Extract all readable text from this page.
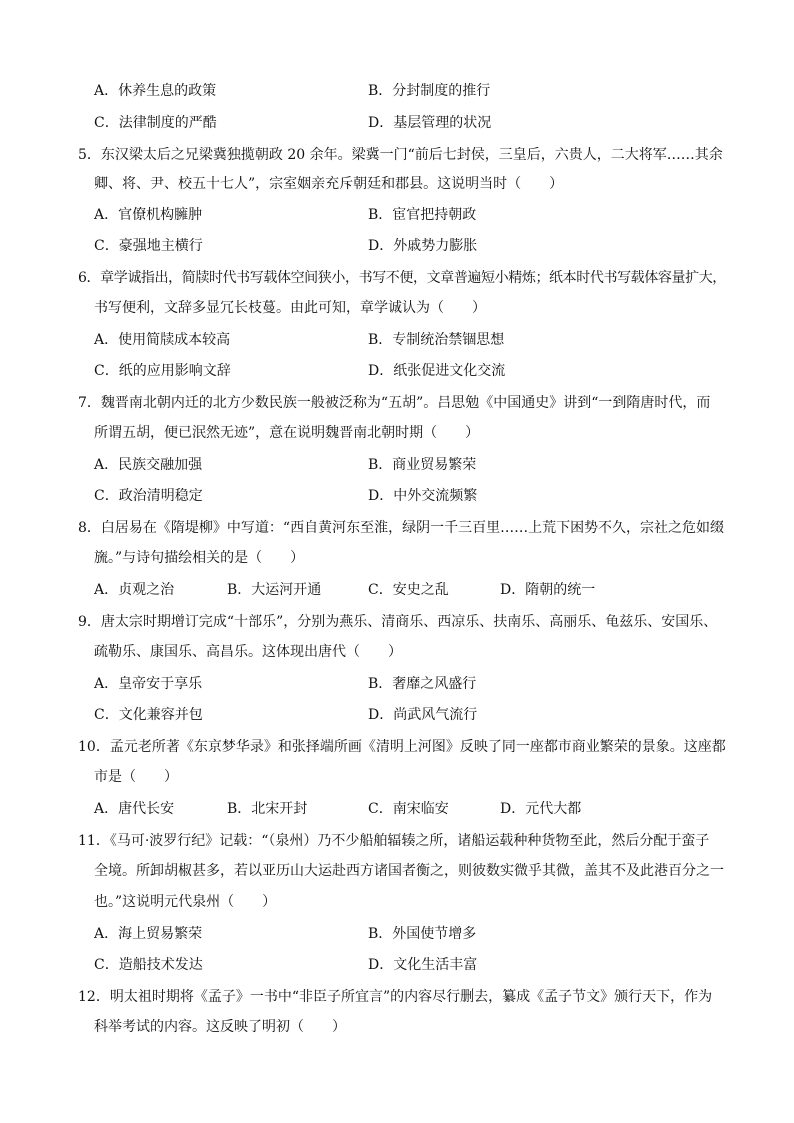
A．休养生息的政策	B．分封制度的推行
C．法律制度的严酷	D．基层管理的状况
5．东汉梁太后之兄梁冀独揽朝政 20 余年。梁冀一门“前后七封侯，三皇后，六贵人，二大将军……其余
卿、将、尹、校五十七人”，宗室姻亲充斥朝廷和郡县。这说明当时（　　）
A．官僚机构臃肿	B．宦官把持朝政
C．豪强地主横行	D．外戚势力膨胀
6．章学诚指出，简牍时代书写载体空间狭小，书写不便，文章普遍短小精炼；纸本时代书写载体容量扩大，
书写便利，文辞多显冗长枝蔓。由此可知，章学诚认为（　　）
A．使用简牍成本较高	B．专制统治禁锢思想
C．纸的应用影响文辞	D．纸张促进文化交流
7．魏晋南北朝内迁的北方少数民族一般被泛称为“五胡”。吕思勉《中国通史》讲到“一到隋唐时代，而
所谓五胡，便已泯然无迹”，意在说明魏晋南北朝时期（　　）
A．民族交融加强	B．商业贸易繁荣
C．政治清明稳定	D．中外交流频繁
8．白居易在《隋堤柳》中写道：“西自黄河东至淮，绿阴一千三百里……上荒下困势不久，宗社之危如缀
旒。”与诗句描绘相关的是（　　）
A．贞观之治	B．大运河开通	C．安史之乱	D．隋朝的统一
9．唐太宗时期增订完成“十部乐”，分别为燕乐、清商乐、西凉乐、扶南乐、高丽乐、龟兹乐、安国乐、
疏勒乐、康国乐、高昌乐。这体现出唐代（　　）
A．皇帝安于享乐	B．奢靡之风盛行
C．文化兼容并包	D．尚武风气流行
10．孟元老所著《东京梦华录》和张择端所画《清明上河图》反映了同一座都市商业繁荣的景象。这座都
市是（　　）
A．唐代长安	B．北宋开封	C．南宋临安	D．元代大都
11．《马可·波罗行纪》记载：“（泉州）乃不少船舶辐辏之所，诸船运载种种货物至此，然后分配于蛮子
全境。所卸胡椒甚多，若以亚历山大运赴西方诸国者衡之，则彼数实微乎其微，盖其不及此港百分之一
也。”这说明元代泉州（　　）
A．海上贸易繁荣	B．外国使节增多
C．造船技术发达	D．文化生活丰富
12．明太祖时期将《孟子》一书中“非臣子所宜言”的内容尽行删去，纂成《孟子节文》颁行天下，作为
科举考试的内容。这反映了明初（　　）
